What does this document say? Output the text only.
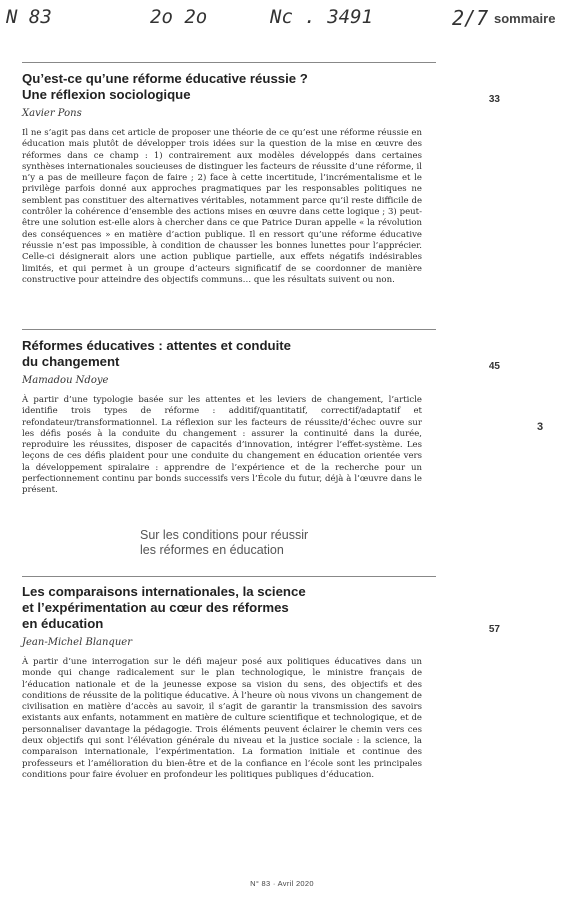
N 83	2o 2o	Nc . 3491	2/7 sommaire
Qu’est-ce qu’une réforme éducative réussie ?
Une réflexion sociologique
Xavier Pons
33

Il ne s’agit pas dans cet article de proposer une théorie de ce qu’est une réforme réussie en éducation mais plutôt de développer trois idées sur la question de la mise en œuvre des réformes dans ce champ : 1) contrairement aux modèles développés dans certaines synthèses internationales soucieuses de distinguer les facteurs de réussite d’une réforme, il n’y a pas de meilleure façon de faire ; 2) face à cette incertitude, l’incrémentalisme et le privilège parfois donné aux approches pragmatiques par les responsables politiques ne semblent pas constituer des alternatives véritables, notamment parce qu’il reste difficile de contrôler la cohérence d’ensemble des actions mises en œuvre dans cette logique ; 3) peut-être une solution est-elle alors à chercher dans ce que Patrice Duran appelle « la révolution des conséquences » en matière d’action publique. Il en ressort qu’une réforme éducative réussie n’est pas impossible, à condition de chausser les bonnes lunettes pour l’apprécier. Celle-ci désignerait alors une action publique partielle, aux effets négatifs indésirables limités, et qui permet à un groupe d’acteurs significatif de se coordonner de manière constructive pour atteindre des objectifs communs… que les résultats suivent ou non.

Réformes éducatives : attentes et conduite
du changement
Mamadou Ndoye
45

À partir d’une typologie basée sur les attentes et les leviers de changement, l’article identifie trois types de réforme : additif/quantitatif, correctif/adaptatif et refondateur/transformationnel. La réflexion sur les facteurs de réussite/d’échec ouvre sur les défis posés à la conduite du changement : assurer la continuité dans la durée, reproduire les réussites, disposer de capacités d’innovation, intégrer l’effet-système. Les leçons de ces défis plaident pour une conduite du changement en éducation orientée vers la développement spiralaire : apprendre de l’expérience et de la recherche pour un perfectionnement continu par bonds successifs vers l’École du futur, déjà à l’œuvre dans le présent.

3
Sur les conditions pour réussir
les réformes en éducation
Les comparaisons internationales, la science
et l’expérimentation au cœur des réformes
en éducation
Jean-Michel Blanquer
57

À partir d’une interrogation sur le défi majeur posé aux politiques éducatives dans un monde qui change radicalement sur le plan technologique, le ministre français de l’éducation nationale et de la jeunesse expose sa vision du sens, des objectifs et des conditions de réussite de la politique éducative. À l’heure où nous vivons un changement de civilisation en matière d’accès au savoir, il s’agit de garantir la transmission des savoirs existants aux enfants, notamment en matière de culture scientifique et technologique, et de personnaliser davantage la pédagogie. Trois éléments peuvent éclairer le chemin vers ces deux objectifs qui sont l’élévation générale du niveau et la justice sociale : la science, la comparaison internationale, l’expérimentation. La formation initiale et continue des professeurs et l’amélioration du bien-être et de la confiance en l’école sont les principales conditions pour faire évoluer en profondeur les politiques publiques d’éducation.

N° 83 · Avril 2020
